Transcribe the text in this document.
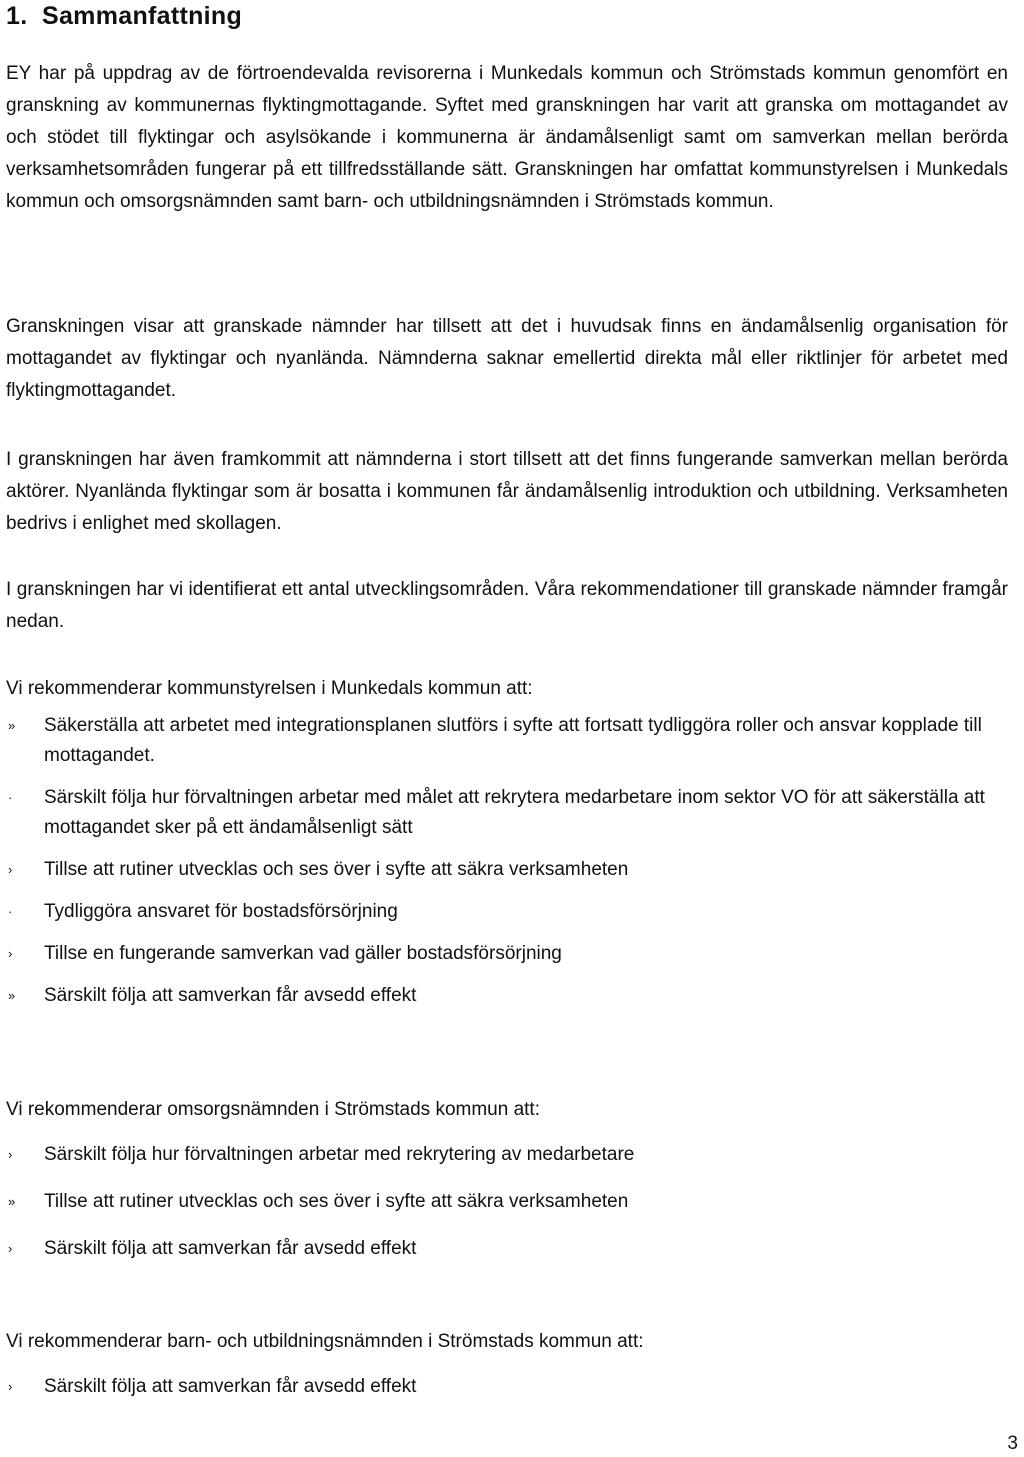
1. Sammanfattning

EY har på uppdrag av de förtroendevalda revisorerna i Munkedals kommun och Strömstads kommun genomfört en granskning av kommunernas flyktingmottagande. Syftet med granskningen har varit att granska om mottagandet av och stödet till flyktingar och asylsökande i kommunerna är ändamålsenligt samt om samverkan mellan berörda verksamhetsområden fungerar på ett tillfredsställande sätt. Granskningen har omfattat kommunstyrelsen i Munkedals kommun och omsorgsnämnden samt barn- och utbildningsnämnden i Strömstads kommun.

Granskningen visar att granskade nämnder har tillsett att det i huvudsak finns en ändamålsenlig organisation för mottagandet av flyktingar och nyanlända. Nämnderna saknar emellertid direkta mål eller riktlinjer för arbetet med flyktingmottagandet.

I granskningen har även framkommit att nämnderna i stort tillsett att det finns fungerande samverkan mellan berörda aktörer. Nyanlända flyktingar som är bosatta i kommunen får ändamålsenlig introduktion och utbildning. Verksamheten bedrivs i enlighet med skollagen.

I granskningen har vi identifierat ett antal utvecklingsområden. Våra rekommendationer till granskade nämnder framgår nedan.

Vi rekommenderar kommunstyrelsen i Munkedals kommun att:

» Säkerställa att arbetet med integrationsplanen slutförs i syfte att fortsatt tydliggöra roller och ansvar kopplade till mottagandet.
· Särskilt följa hur förvaltningen arbetar med målet att rekrytera medarbetare inom sektor VO för att säkerställa att mottagandet sker på ett ändamålsenligt sätt
› Tillse att rutiner utvecklas och ses över i syfte att säkra verksamheten
· Tydliggöra ansvaret för bostadsförsörjning
› Tillse en fungerande samverkan vad gäller bostadsförsörjning
» Särskilt följa att samverkan får avsedd effekt

Vi rekommenderar omsorgsnämnden i Strömstads kommun att:

› Särskilt följa hur förvaltningen arbetar med rekrytering av medarbetare
» Tillse att rutiner utvecklas och ses över i syfte att säkra verksamheten
› Särskilt följa att samverkan får avsedd effekt

Vi rekommenderar barn- och utbildningsnämnden i Strömstads kommun att:

› Särskilt följa att samverkan får avsedd effekt
3
